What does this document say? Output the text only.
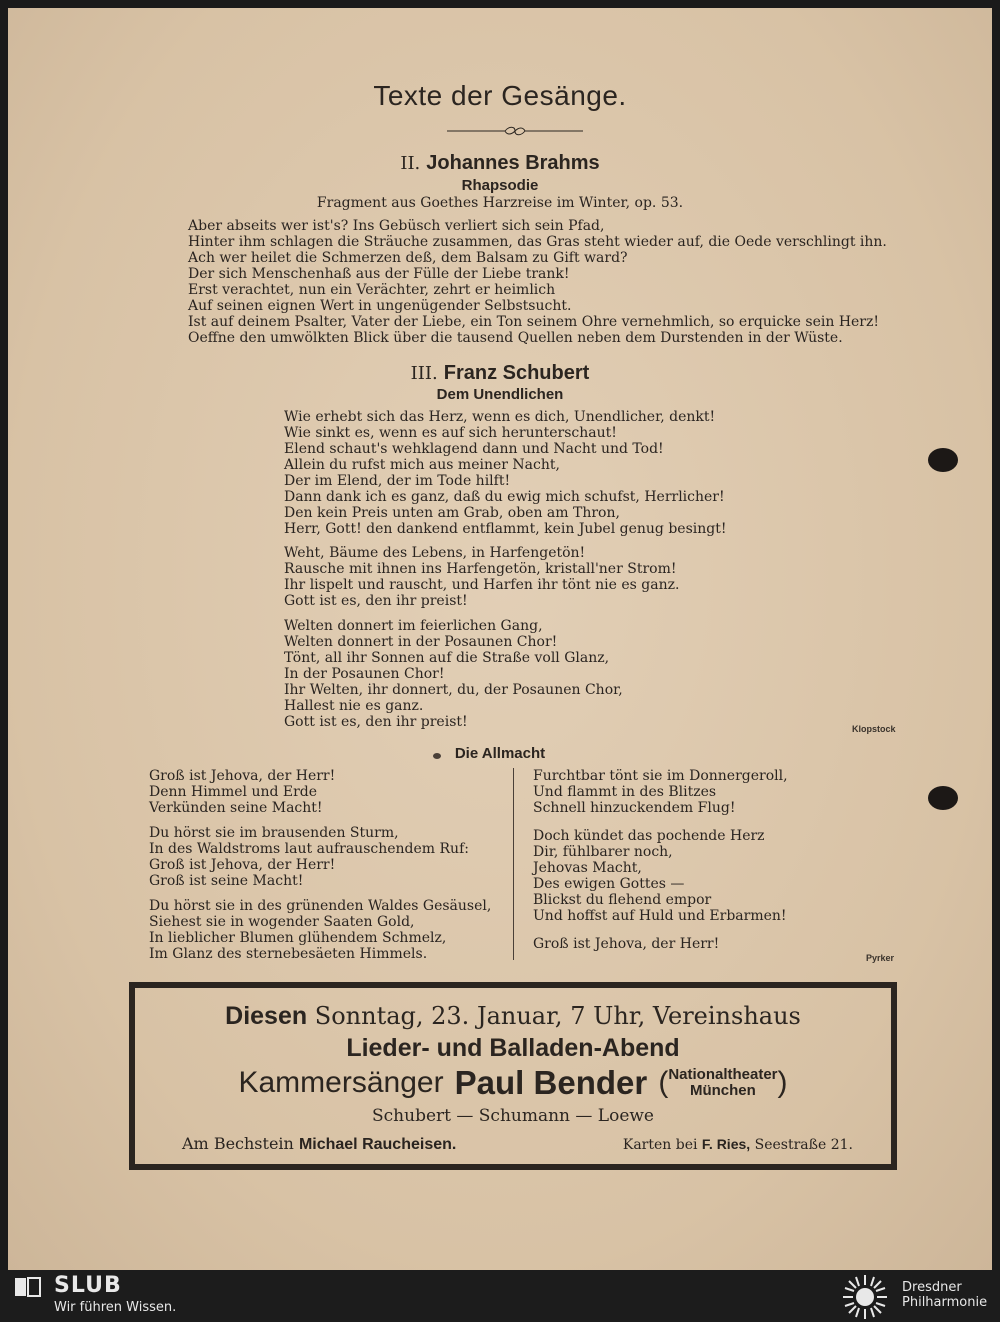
Texte der Gesänge.
II. Johannes Brahms
Rhapsodie
Fragment aus Goethes Harzreise im Winter, op. 53.
Aber abseits wer ist's? Ins Gebüsch verliert sich sein Pfad,
Hinter ihm schlagen die Sträuche zusammen, das Gras steht wieder auf, die Oede verschlingt ihn.
Ach wer heilet die Schmerzen deß, dem Balsam zu Gift ward?
Der sich Menschenhaß aus der Fülle der Liebe trank!
Erst verachtet, nun ein Verächter, zehrt er heimlich
Auf seinen eignen Wert in ungenügender Selbstsucht.
Ist auf deinem Psalter, Vater der Liebe, ein Ton seinem Ohre vernehmlich, so erquicke sein Herz!
Oeffne den umwölkten Blick über die tausend Quellen neben dem Durstenden in der Wüste.
III. Franz Schubert
Dem Unendlichen
Wie erhebt sich das Herz, wenn es dich, Unendlicher, denkt!
Wie sinkt es, wenn es auf sich herunterschaut!
Elend schaut's wehklagend dann und Nacht und Tod!
Allein du rufst mich aus meiner Nacht,
Der im Elend, der im Tode hilft!
Dann dank ich es ganz, daß du ewig mich schufst, Herrlicher!
Den kein Preis unten am Grab, oben am Thron,
Herr, Gott! den dankend entflammt, kein Jubel genug besingt!
Weht, Bäume des Lebens, in Harfengetön!
Rausche mit ihnen ins Harfengetön, kristall'ner Strom!
Ihr lispelt und rauscht, und Harfen ihr tönt nie es ganz.
Gott ist es, den ihr preist!
Welten donnert im feierlichen Gang,
Welten donnert in der Posaunen Chor!
Tönt, all ihr Sonnen auf die Straße voll Glanz,
In der Posaunen Chor!
Ihr Welten, ihr donnert, du, der Posaunen Chor,
Hallest nie es ganz.
Gott ist es, den ihr preist!	Klopstock
Die Allmacht
Groß ist Jehova, der Herr!
Denn Himmel und Erde
Verkünden seine Macht!
Du hörst sie im brausenden Sturm,
In des Waldstroms laut aufrauschendem Ruf:
Groß ist Jehova, der Herr!
Groß ist seine Macht!
Du hörst sie in des grünenden Waldes Gesäusel,
Siehest sie in wogender Saaten Gold,
In lieblicher Blumen glühendem Schmelz,
Im Glanz des sternebesäeten Himmels.
Furchtbar tönt sie im Donnergeroll,
Und flammt in des Blitzes
Schnell hinzuckendem Flug!
Doch kündet das pochende Herz
Dir, fühlbarer noch,
Jehovas Macht,
Des ewigen Gottes —
Blickst du flehend empor
Und hoffst auf Huld und Erbarmen!
Groß ist Jehova, der Herr!
Pyrker
Diesen Sonntag, 23. Januar, 7 Uhr, Vereinshaus
Lieder- und Balladen-Abend
Kammersänger Paul Bender ( Nationaltheater
München )
Schubert — Schumann — Loewe
Am Bechstein Michael Raucheisen.	Karten bei F. Ries, Seestraße 21.
SLUB
Wir führen Wissen.
Dresdner
Philharmonie
